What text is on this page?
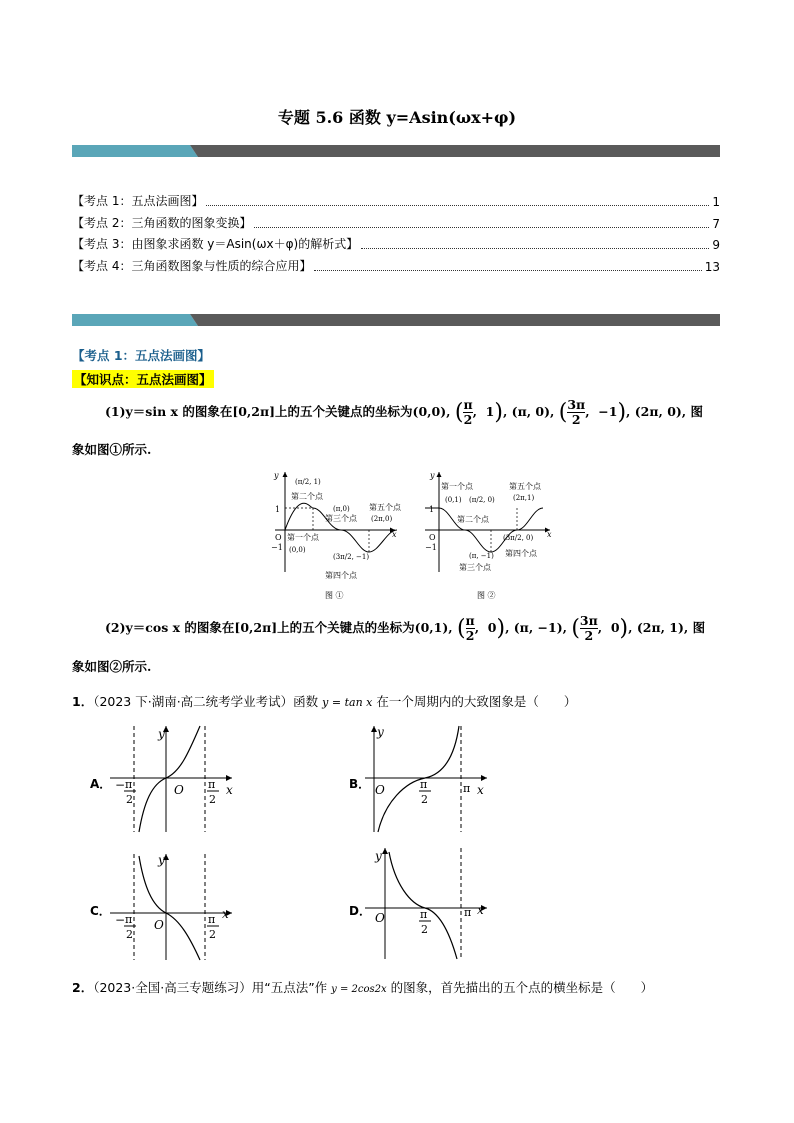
专题 5.6 函数 y=Asin(ωx+φ)
【考点 1：五点法画图】	1
【考点 2：三角函数的图象变换】	7
【考点 3：由图象求函数 y＝Asin(ωx＋φ)的解析式】	9
【考点 4：三角函数图象与性质的综合应用】	13
【考点 1：五点法画图】
【知识点：五点法画图】
(1)y＝sin x 的图象在[0,2π]上的五个关键点的坐标为(0,0), ($\frac{\pi}{2}$ ,  1), (π, 0), ($\frac{3\pi}{2}$ ,  −1), (2π, 0), 图
象如图①所示.
y
x
1
−1
O
(π/2, 1)
第二个点
(π,0)
第三个点
第五个点
(2π,0)
第一个点
(0,0)
(3π/2, −1)
第四个点
图 ①
y
x
1
−1
O
第一个点
(0,1) (π/2, 0)
第二个点
第五个点
(2π,1)
(3π/2, 0)
(π, −1) 第四个点
第三个点
图 ②
(2)y＝cos x 的图象在[0,2π]上的五个关键点的坐标为(0,1), ($\frac{\pi}{2}$ ,  0), (π, −1), ($\frac{3\pi}{2}$ ,  0), (2π, 1), 图
象如图②所示.
1．（2023 下·湖南·高二统考学业考试）函数 y = tan x 在一个周期内的大致图象是（　　）
A．
y
O	x
− π
2
π
2
B．
y
O	x
π
2
π
C．
y
O
x
− π
2
π
2
D．
y
O
x
π
2
π
2．（2023·全国·高三专题练习）用“五点法”作 y = 2cos2x 的图象，首先描出的五个点的横坐标是（　　）
